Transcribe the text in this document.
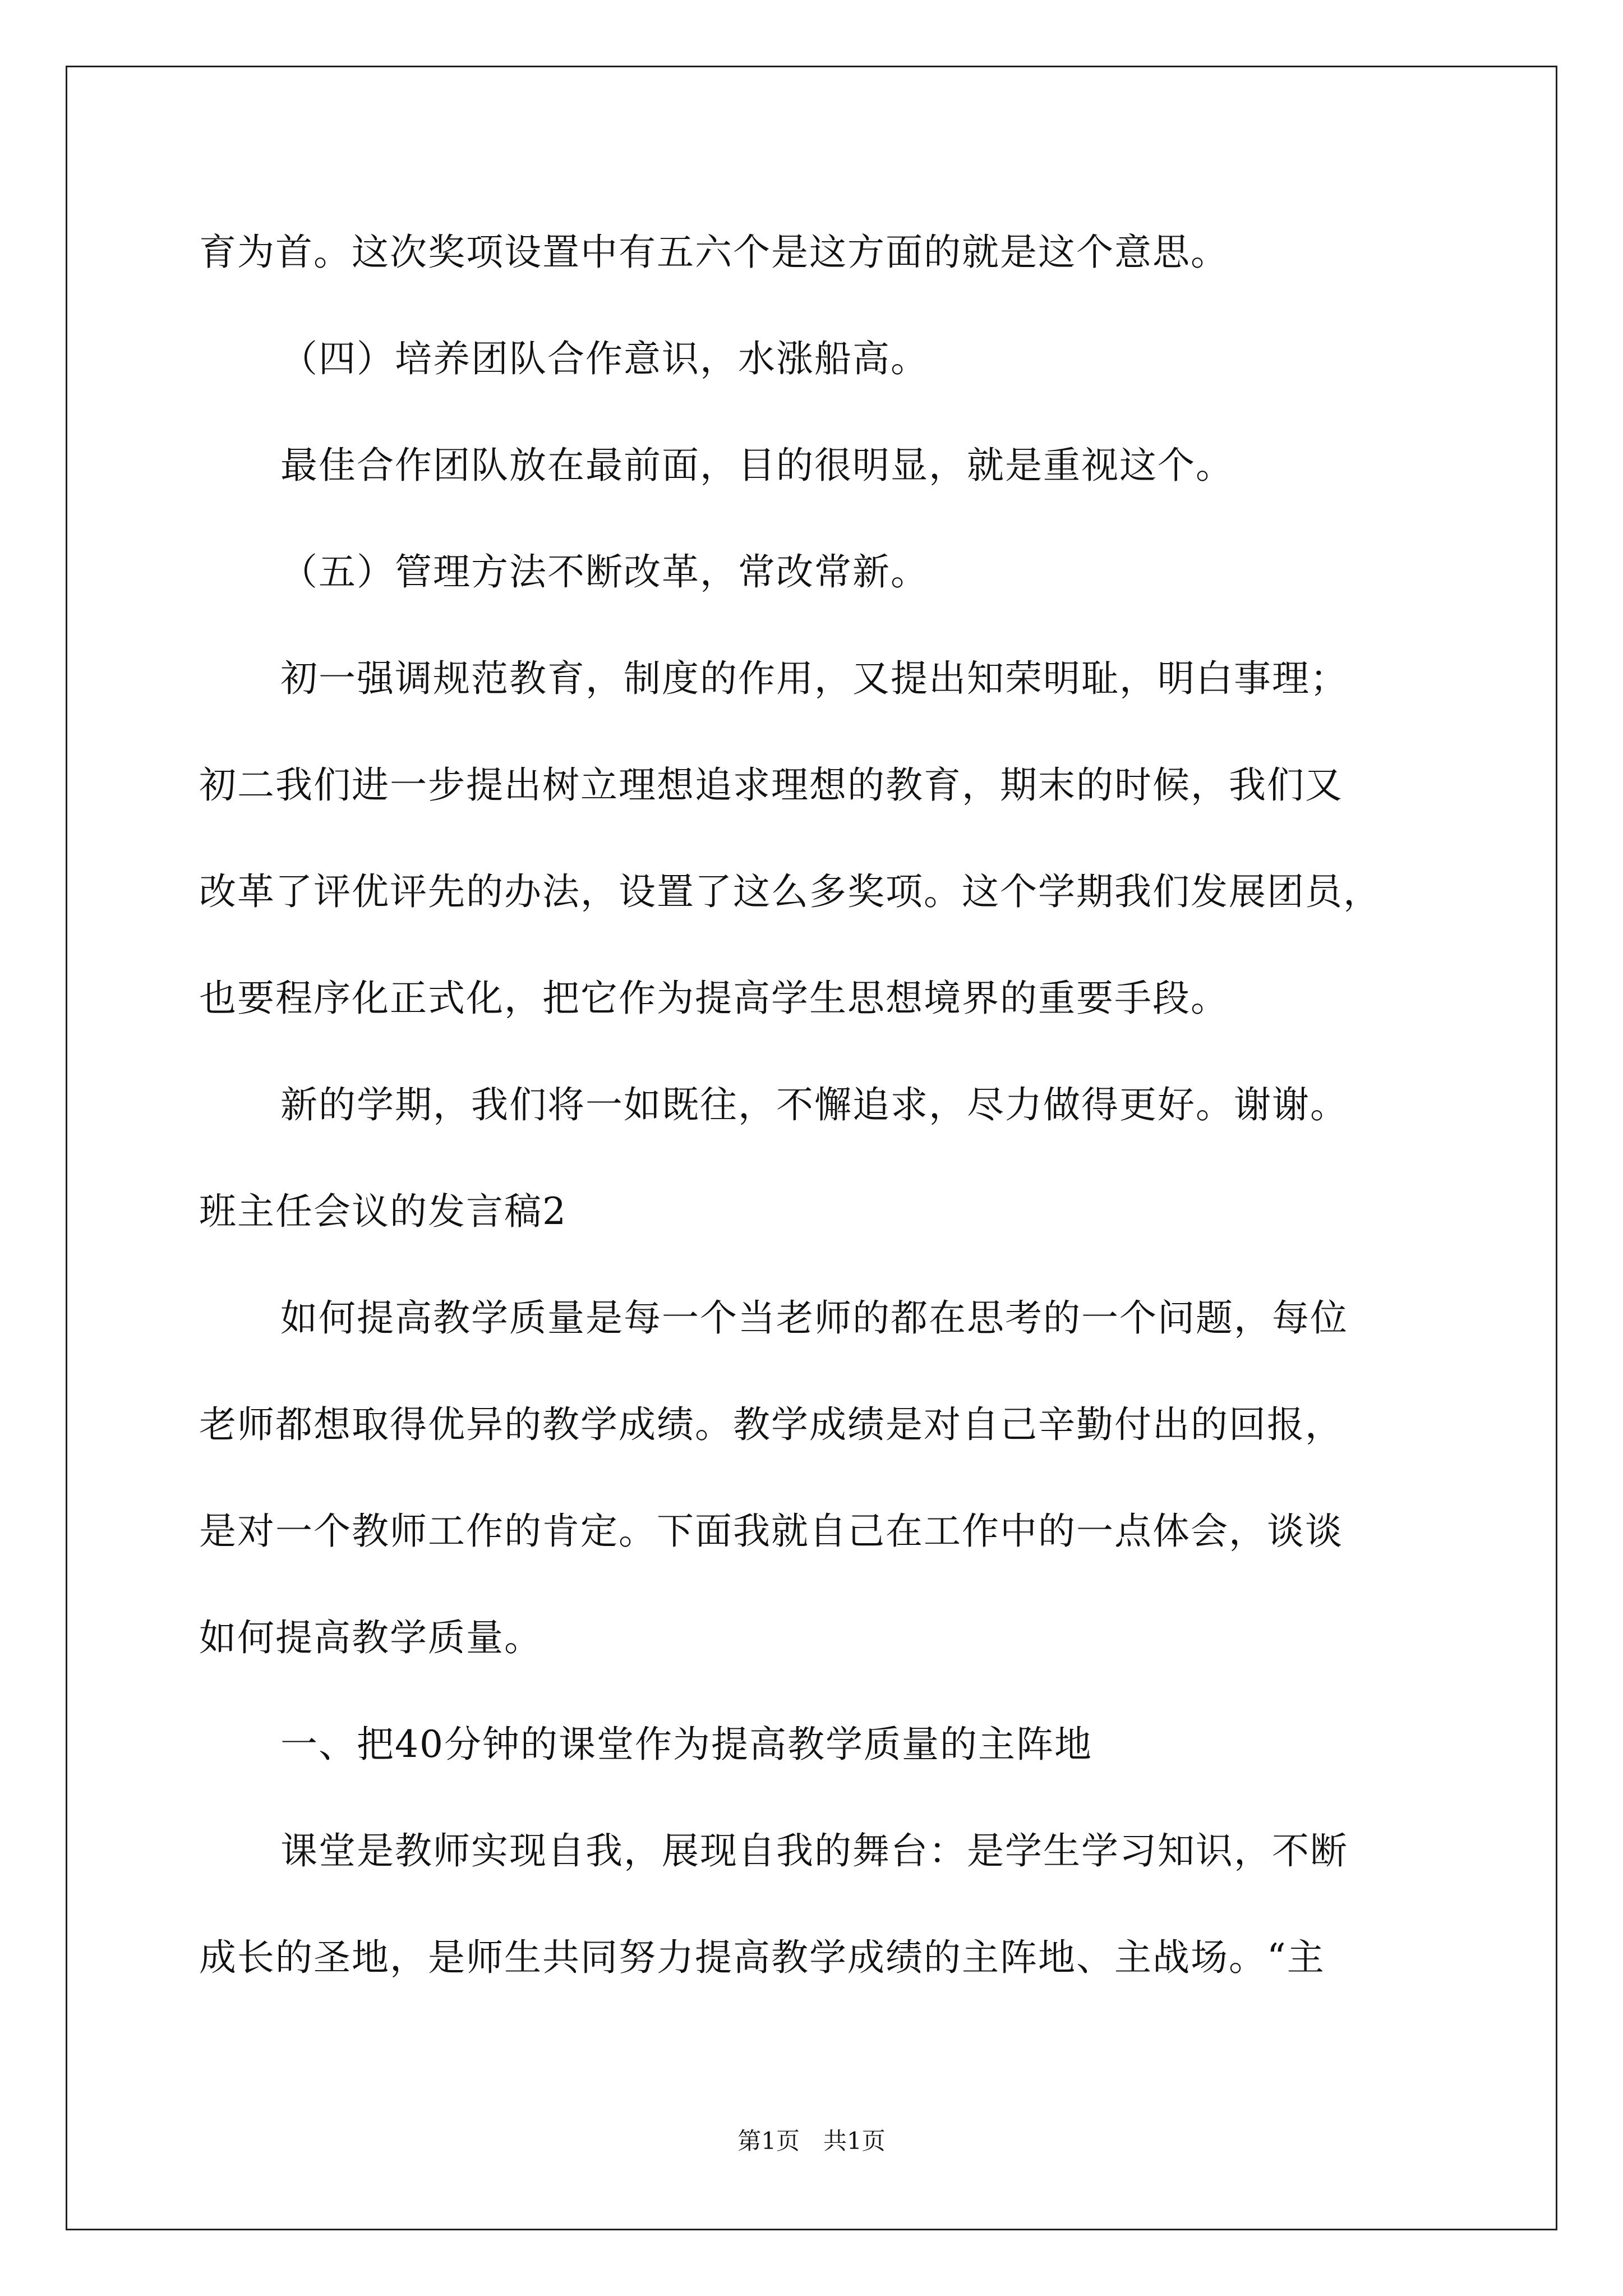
育为首。这次奖项设置中有五六个是这方面的就是这个意思。
（四）培养团队合作意识，水涨船高。
最佳合作团队放在最前面，目的很明显，就是重视这个。
（五）管理方法不断改革，常改常新。
初一强调规范教育，制度的作用，又提出知荣明耻，明白事理；
初二我们进一步提出树立理想追求理想的教育，期末的时候，我们又
改革了评优评先的办法，设置了这么多奖项。这个学期我们发展团员，
也要程序化正式化，把它作为提高学生思想境界的重要手段。
新的学期，我们将一如既往，不懈追求，尽力做得更好。谢谢。
班主任会议的发言稿2
如何提高教学质量是每一个当老师的都在思考的一个问题，每位
老师都想取得优异的教学成绩。教学成绩是对自己辛勤付出的回报，
是对一个教师工作的肯定。下面我就自己在工作中的一点体会，谈谈
如何提高教学质量。
一、把40分钟的课堂作为提高教学质量的主阵地
课堂是教师实现自我，展现自我的舞台：是学生学习知识，不断
成长的圣地，是师生共同努力提高教学成绩的主阵地、主战场。“主
第1页　共1页
